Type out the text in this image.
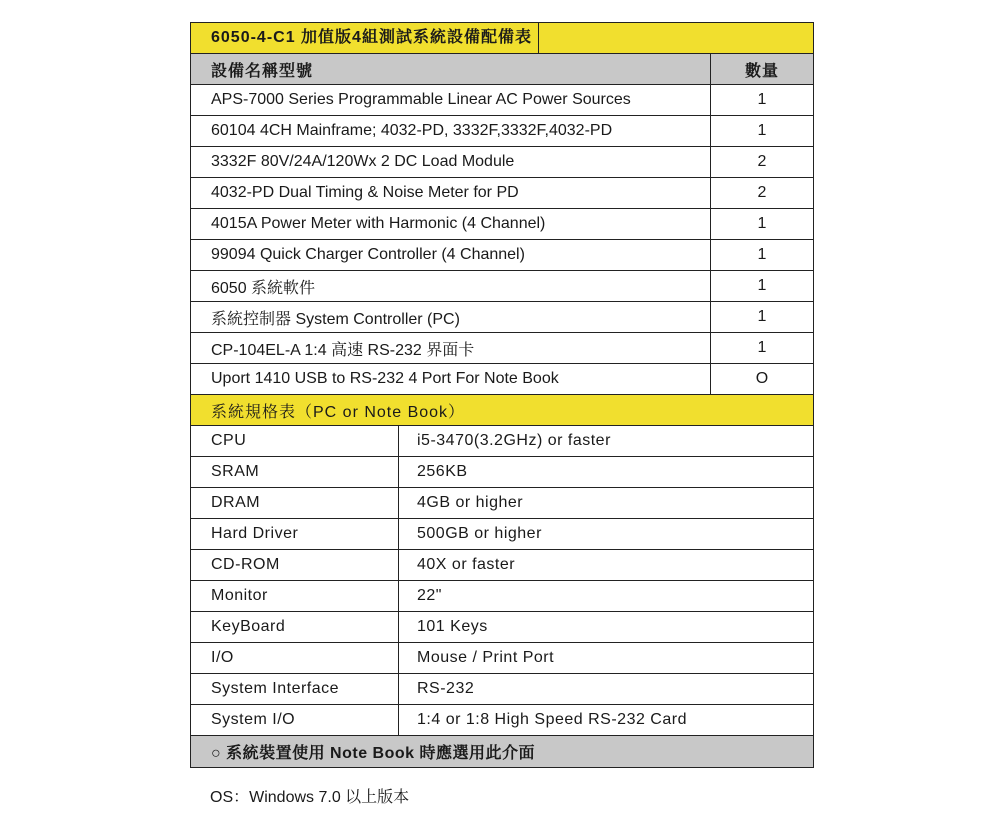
6050-4-C1 加值版4組測試系統設備配備表
設備名稱型號	數量
APS-7000 Series Programmable Linear AC Power Sources	1
60104 4CH Mainframe; 4032-PD, 3332F,3332F,4032-PD	1
3332F 80V/24A/120Wx 2 DC Load Module	2
4032-PD Dual Timing & Noise Meter for PD	2
4015A Power Meter with Harmonic (4 Channel)	1
99094 Quick Charger Controller (4 Channel)	1
6050 系統軟件	1
系統控制器 System Controller (PC)	1
CP-104EL-A 1:4 高速 RS-232 界面卡	1
Uport 1410 USB to RS-232 4 Port For Note Book	O
系統規格表（PC or Note Book）
CPU	i5-3470(3.2GHz) or faster
SRAM	256KB
DRAM	4GB or higher
Hard Driver	500GB or higher
CD-ROM	40X or faster
Monitor	22"
KeyBoard	101 Keys
I/O	Mouse / Print Port
System Interface	RS-232
System I/O	1:4 or 1:8 High Speed RS-232 Card
○ 系統裝置使用 Note Book 時應選用此介面
OS：Windows 7.0 以上版本
